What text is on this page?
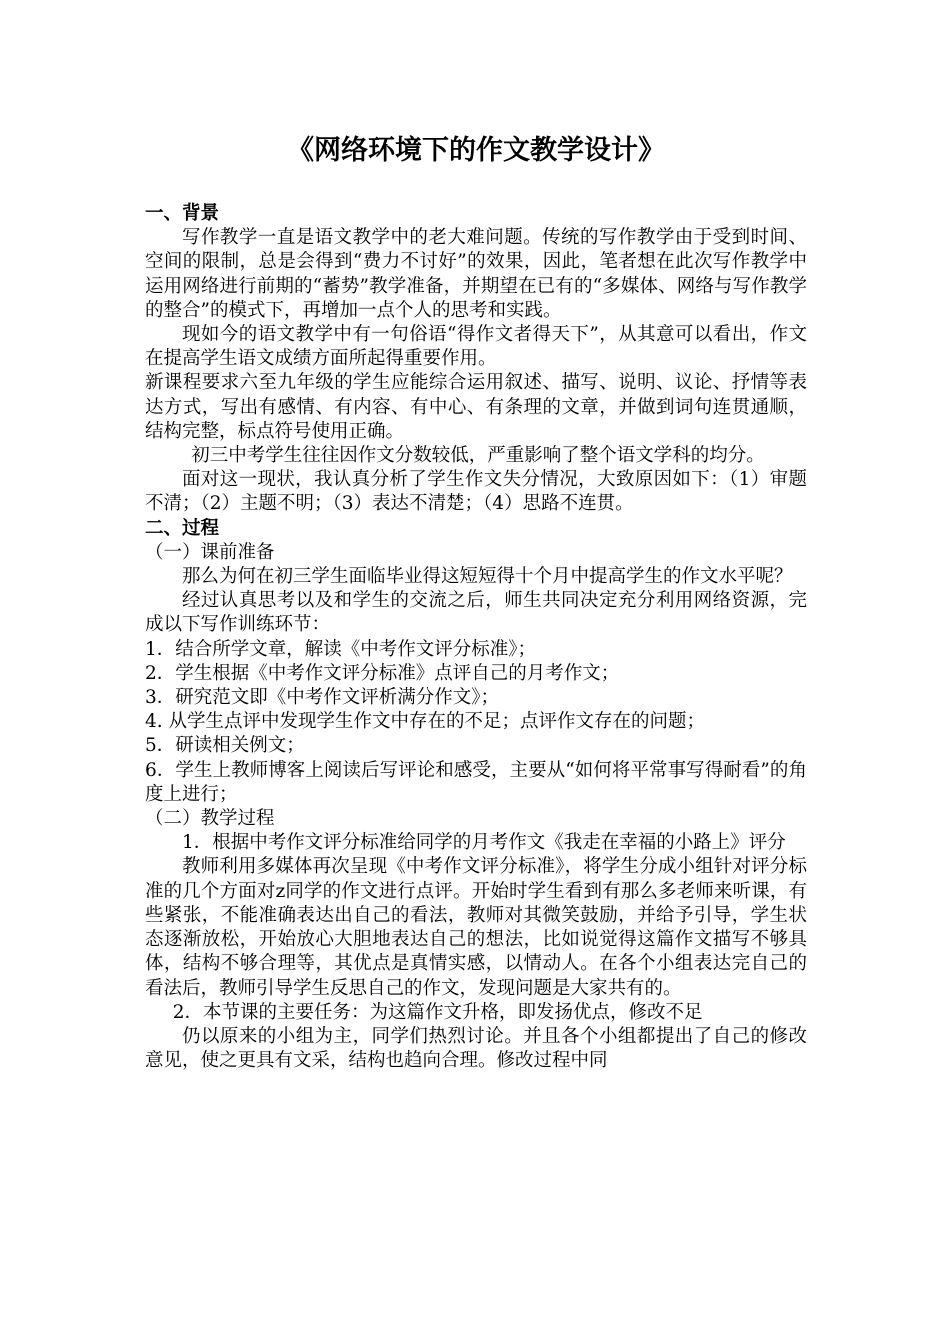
《网络环境下的作文教学设计》

一、背景

写作教学一直是语文教学中的老大难问题。传统的写作教学由于受到时间、空间的限制，总是会得到“费力不讨好”的效果，因此，笔者想在此次写作教学中运用网络进行前期的“蓄势”教学准备，并期望在已有的“多媒体、网络与写作教学的整合”的模式下，再增加一点个人的思考和实践。

现如今的语文教学中有一句俗语“得作文者得天下”，从其意可以看出，作文在提高学生语文成绩方面所起得重要作用。

新课程要求六至九年级的学生应能综合运用叙述、描写、说明、议论、抒情等表达方式，写出有感情、有内容、有中心、有条理的文章，并做到词句连贯通顺，结构完整，标点符号使用正确。

初三中考学生往往因作文分数较低，严重影响了整个语文学科的均分。

面对这一现状，我认真分析了学生作文失分情况，大致原因如下：（1）审题不清；（2）主题不明；（3）表达不清楚；（4）思路不连贯。

二、过程

（一）课前准备

那么为何在初三学生面临毕业得这短短得十个月中提高学生的作文水平呢？

经过认真思考以及和学生的交流之后，师生共同决定充分利用网络资源，完成以下写作训练环节：

1．结合所学文章，解读《中考作文评分标准》；

2．学生根据《中考作文评分标准》点评自己的月考作文；

3．研究范文即《中考作文评析满分作文》；

4. 从学生点评中发现学生作文中存在的不足；点评作文存在的问题；

5．研读相关例文；

6．学生上教师博客上阅读后写评论和感受，主要从“如何将平常事写得耐看”的角度上进行；

（二）教学过程

1．根据中考作文评分标准给同学的月考作文《我走在幸福的小路上》评分

教师利用多媒体再次呈现《中考作文评分标准》，将学生分成小组针对评分标准的几个方面对z同学的作文进行点评。开始时学生看到有那么多老师来听课，有些紧张，不能准确表达出自己的看法，教师对其微笑鼓励，并给予引导，学生状态逐渐放松，开始放心大胆地表达自己的想法，比如说觉得这篇作文描写不够具体，结构不够合理等，其优点是真情实感，以情动人。在各个小组表达完自己的看法后，教师引导学生反思自己的作文，发现问题是大家共有的。

2．本节课的主要任务：为这篇作文升格，即发扬优点，修改不足

仍以原来的小组为主，同学们热烈讨论。并且各个小组都提出了自己的修改意见，使之更具有文采，结构也趋向合理。修改过程中同
